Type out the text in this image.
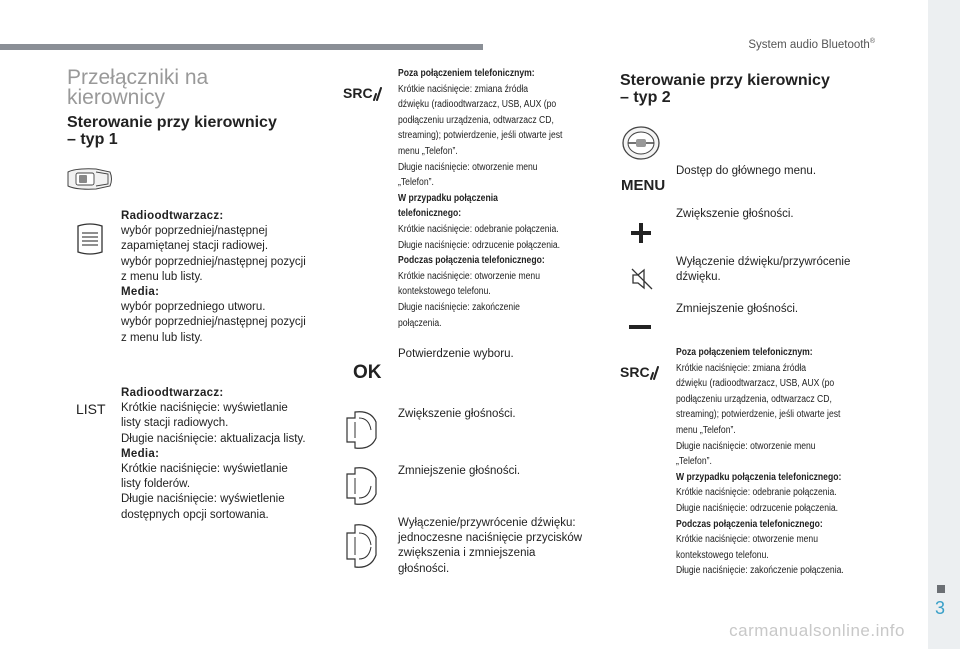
System audio Bluetooth®
3
carmanualsonline.info
Przełączniki na
kierownicy
Sterowanie przy kierownicy
– typ 1
Radioodtwarzacz:
wybór poprzedniej/następnej
zapamiętanej stacji radiowej.
wybór poprzedniej/następnej pozycji
z menu lub listy.
Media:
wybór poprzedniego utworu.
wybór poprzedniej/następnej pozycji
z menu lub listy.
LIST
Radioodtwarzacz:
Krótkie naciśnięcie: wyświetlanie
listy stacji radiowych.
Długie naciśnięcie: aktualizacja listy.
Media:
Krótkie naciśnięcie: wyświetlanie
listy folderów.
Długie naciśnięcie: wyświetlenie
dostępnych opcji sortowania.
SRC
Poza połączeniem telefonicznym:
Krótkie naciśnięcie: zmiana źródła
dźwięku (radioodtwarzacz, USB, AUX (po
podłączeniu urządzenia, odtwarzacz CD,
streaming); potwierdzenie, jeśli otwarte jest
menu „Telefon”.
Długie naciśnięcie: otworzenie menu
„Telefon”.
W przypadku połączenia
telefonicznego:
Krótkie naciśnięcie: odebranie połączenia.
Długie naciśnięcie: odrzucenie połączenia.
Podczas połączenia telefonicznego:
Krótkie naciśnięcie: otworzenie menu
kontekstowego telefonu.
Długie naciśnięcie: zakończenie
połączenia.
OK
Potwierdzenie wyboru.
Zwiększenie głośności.
Zmniejszenie głośności.
Wyłączenie/przywrócenie dźwięku:
jednoczesne naciśnięcie przycisków
zwiększenia i zmniejszenia
głośności.
Sterowanie przy kierownicy
– typ 2
MENU
Dostęp do głównego menu.
Zwiększenie głośności.
Wyłączenie dźwięku/przywrócenie
dźwięku.
Zmniejszenie głośności.
SRC
Poza połączeniem telefonicznym:
Krótkie naciśnięcie: zmiana źródła
dźwięku (radioodtwarzacz, USB, AUX (po
podłączeniu urządzenia, odtwarzacz CD,
streaming); potwierdzenie, jeśli otwarte jest
menu „Telefon”.
Długie naciśnięcie: otworzenie menu
„Telefon”.
W przypadku połączenia telefonicznego:
Krótkie naciśnięcie: odebranie połączenia.
Długie naciśnięcie: odrzucenie połączenia.
Podczas połączenia telefonicznego:
Krótkie naciśnięcie: otworzenie menu
kontekstowego telefonu.
Długie naciśnięcie: zakończenie połączenia.
